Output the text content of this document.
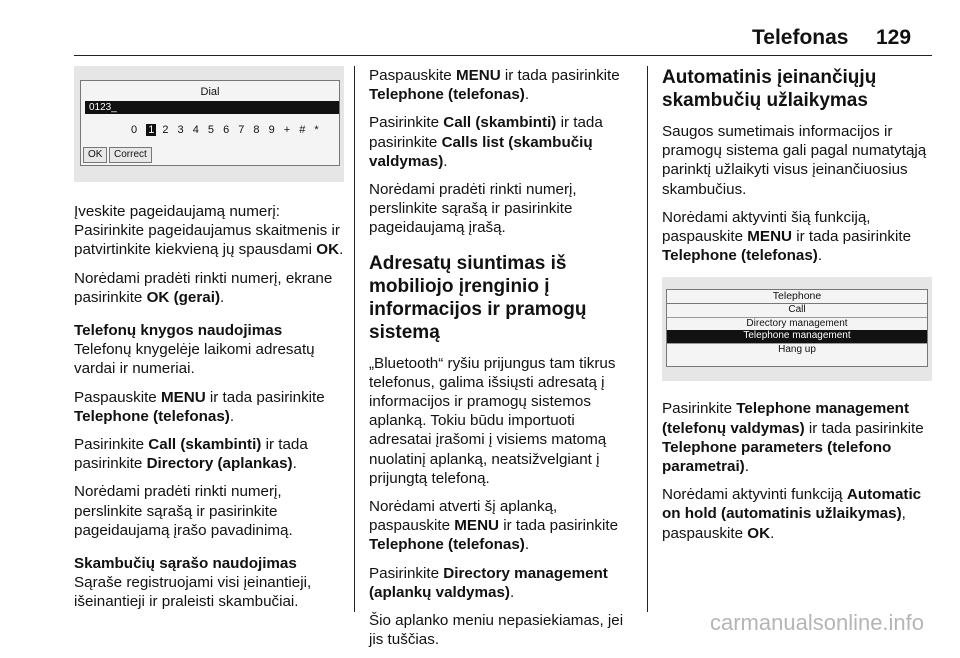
Telefonas 129
Dial
0123_
0 1 2 3 4 5 6 7 8 9 + # *
OK	Correct

Įveskite pageidaujamą numerį: Pasirinkite pageidaujamus skaitmenis ir patvirtinkite kiekvieną jų spausdami OK.

Norėdami pradėti rinkti numerį, ekrane pasirinkite OK (gerai).

Telefonų knygos naudojimas

Telefonų knygelėje laikomi adresatų vardai ir numeriai.

Paspauskite MENU ir tada pasirinkite Telephone (telefonas).

Pasirinkite Call (skambinti) ir tada pasirinkite Directory (aplankas).

Norėdami pradėti rinkti numerį, perslinkite sąrašą ir pasirinkite pageidaujamą įrašo pavadinimą.

Skambučių sąrašo naudojimas

Sąraše registruojami visi įeinantieji, išeinantieji ir praleisti skambučiai.

Paspauskite MENU ir tada pasirinkite Telephone (telefonas).

Pasirinkite Call (skambinti) ir tada pasirinkite Calls list (skambučių valdymas).

Norėdami pradėti rinkti numerį, perslinkite sąrašą ir pasirinkite pageidaujamą įrašą.

Adresatų siuntimas iš mobiliojo įrenginio į informacijos ir pramogų sistemą

„Bluetooth“ ryšiu prijungus tam tikrus telefonus, galima išsiųsti adresatą į informacijos ir pramogų sistemos aplanką. Tokiu būdu importuoti adresatai įrašomi į visiems matomą nuolatinį aplanką, neatsižvelgiant į prijungtą telefoną.

Norėdami atverti šį aplanką, paspauskite MENU ir tada pasirinkite Telephone (telefonas).

Pasirinkite Directory management (aplankų valdymas).

Šio aplanko meniu nepasiekiamas, jei jis tuščias.

Automatinis įeinančiųjų skambučių užlaikymas

Saugos sumetimais informacijos ir pramogų sistema gali pagal numatytąją parinktį užlaikyti visus įeinančiuosius skambučius.

Norėdami aktyvinti šią funkciją, paspauskite MENU ir tada pasirinkite Telephone (telefonas).

Telephone
Call
Directory management
Telephone management
Hang up

Pasirinkite Telephone management (telefonų valdymas) ir tada pasirinkite Telephone parameters (telefono parametrai).

Norėdami aktyvinti funkciją Automatic on hold (automatinis užlaikymas), paspauskite OK.

carmanualsonline.info
